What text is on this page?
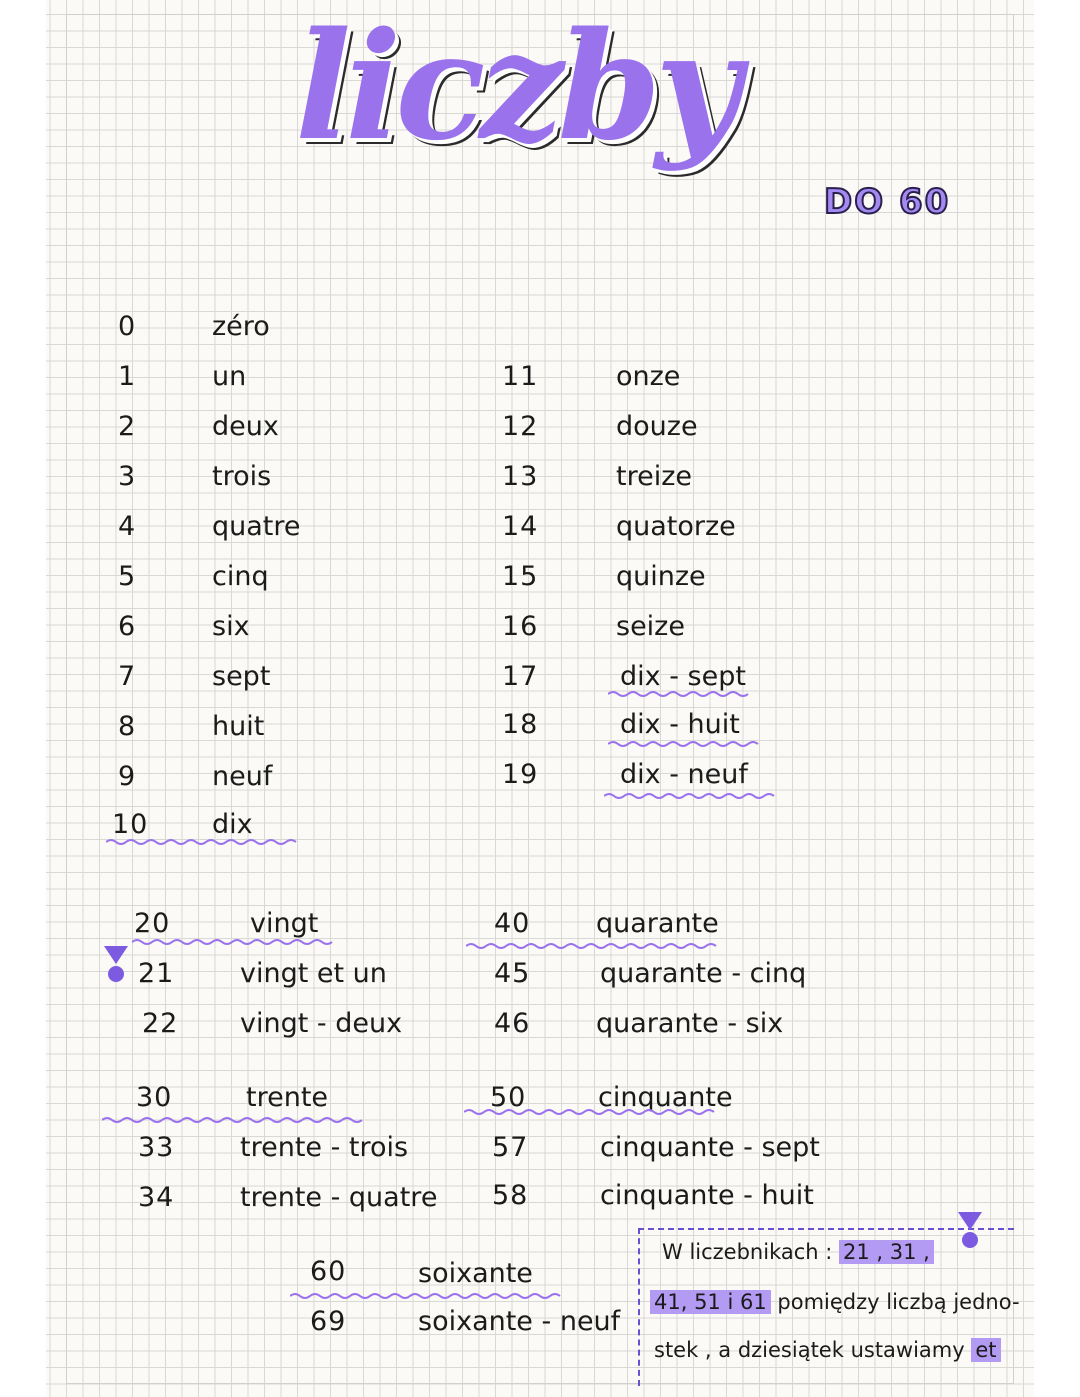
liczby
DO 60
0	zéro
1	un
2	deux
3	trois
4	quatre
5	cinq
6	six
7	sept
8	huit
9	neuf
10 dix
11	onze
12	douze
13	treize
14	quatorze
15	quinze
16	seize
17	dix - sept
18	dix - huit
19	dix - neuf
20	vingt
21 vingt et un
22 vingt - deux
30	trente
33 trente - trois
34 trente - quatre
40 quarante
45	quarante - cinq
46 quarante - six
50	cinquante
57	cinquante - sept
58	cinquante - huit
60	soixante
69	soixante - neuf
W liczebnikach : 21 , 31 ,
41, 51 i 61 pomiędzy liczbą jedno-
stek , a dziesiątek ustawiamy et
